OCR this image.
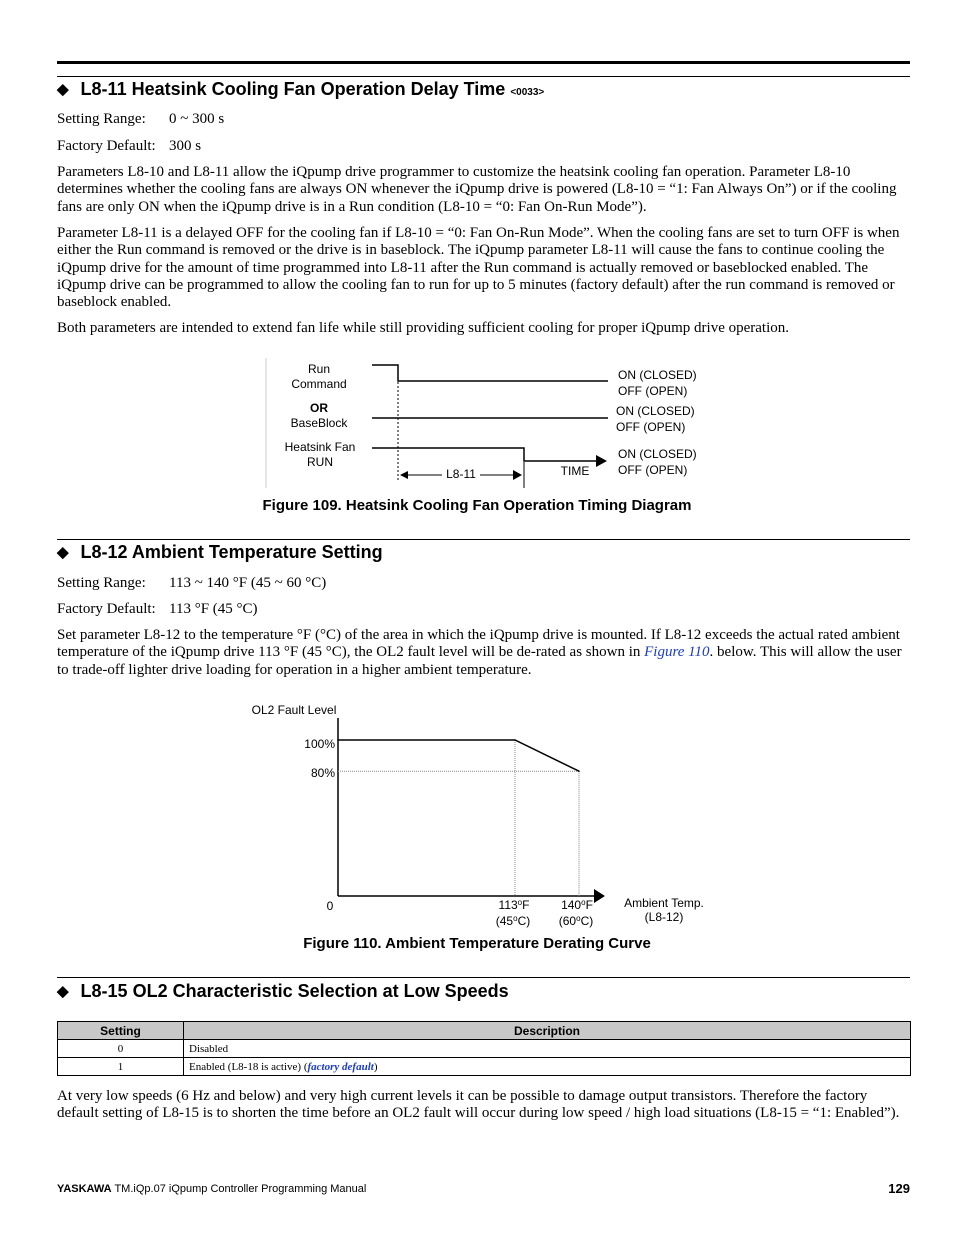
◆ L8-11 Heatsink Cooling Fan Operation Delay Time <0033>
Setting Range: 0 ~ 300 s
Factory Default: 300 s
Parameters L8-10 and L8-11 allow the iQpump drive programmer to customize the heatsink cooling fan operation. Parameter L8-10 determines whether the cooling fans are always ON whenever the iQpump drive is powered (L8-10 = “1: Fan Always On”) or if the cooling fans are only ON when the iQpump drive is in a Run condition (L8-10 = “0: Fan On-Run Mode”).
Parameter L8-11 is a delayed OFF for the cooling fan if L8-10 = “0: Fan On-Run Mode”. When the cooling fans are set to turn OFF is when either the Run command is removed or the drive is in baseblock. The iQpump parameter L8-11 will cause the fans to continue cooling the iQpump drive for the amount of time programmed into L8-11 after the Run command is actually removed or baseblocked enabled. The iQpump drive can be programmed to allow the cooling fan to run for up to 5 minutes (factory default) after the run command is removed or baseblock enabled.
Both parameters are intended to extend fan life while still providing sufficient cooling for proper iQpump drive operation.
Run
Command
OR
BaseBlock
Heatsink Fan
RUN
L8-11	TIME
ON (CLOSED)
OFF (OPEN)
ON (CLOSED)
OFF (OPEN)
ON (CLOSED)
OFF (OPEN)
Figure 109. Heatsink Cooling Fan Operation Timing Diagram
◆ L8-12 Ambient Temperature Setting
Setting Range: 113 ~ 140 °F (45 ~ 60 °C)
Factory Default: 113 °F (45 °C)
Set parameter L8-12 to the temperature °F (°C) of the area in which the iQpump drive is mounted. If L8-12 exceeds the actual rated ambient temperature of the iQpump drive 113 °F (45 °C), the OL2 fault level will be de-rated as shown in Figure 110. below. This will allow the user to trade-off lighter drive loading for operation in a higher ambient temperature.
OL2 Fault Level
100%
80%
0	113$^o$F
(45$^o$C)
140$^o$F
(60$^o$C)
Ambient Temp.
(L8-12)
Figure 110. Ambient Temperature Derating Curve
◆ L8-15 OL2 Characteristic Selection at Low Speeds
Setting	Description
0	Disabled
1	Enabled (L8-18 is active) (factory default)
At very low speeds (6 Hz and below) and very high current levels it can be possible to damage output transistors. Therefore the factory default setting of L8-15 is to shorten the time before an OL2 fault will occur during low speed / high load situations (L8-15 = “1: Enabled”).
YASKAWA TM.iQp.07 iQpump Controller Programming Manual	129
